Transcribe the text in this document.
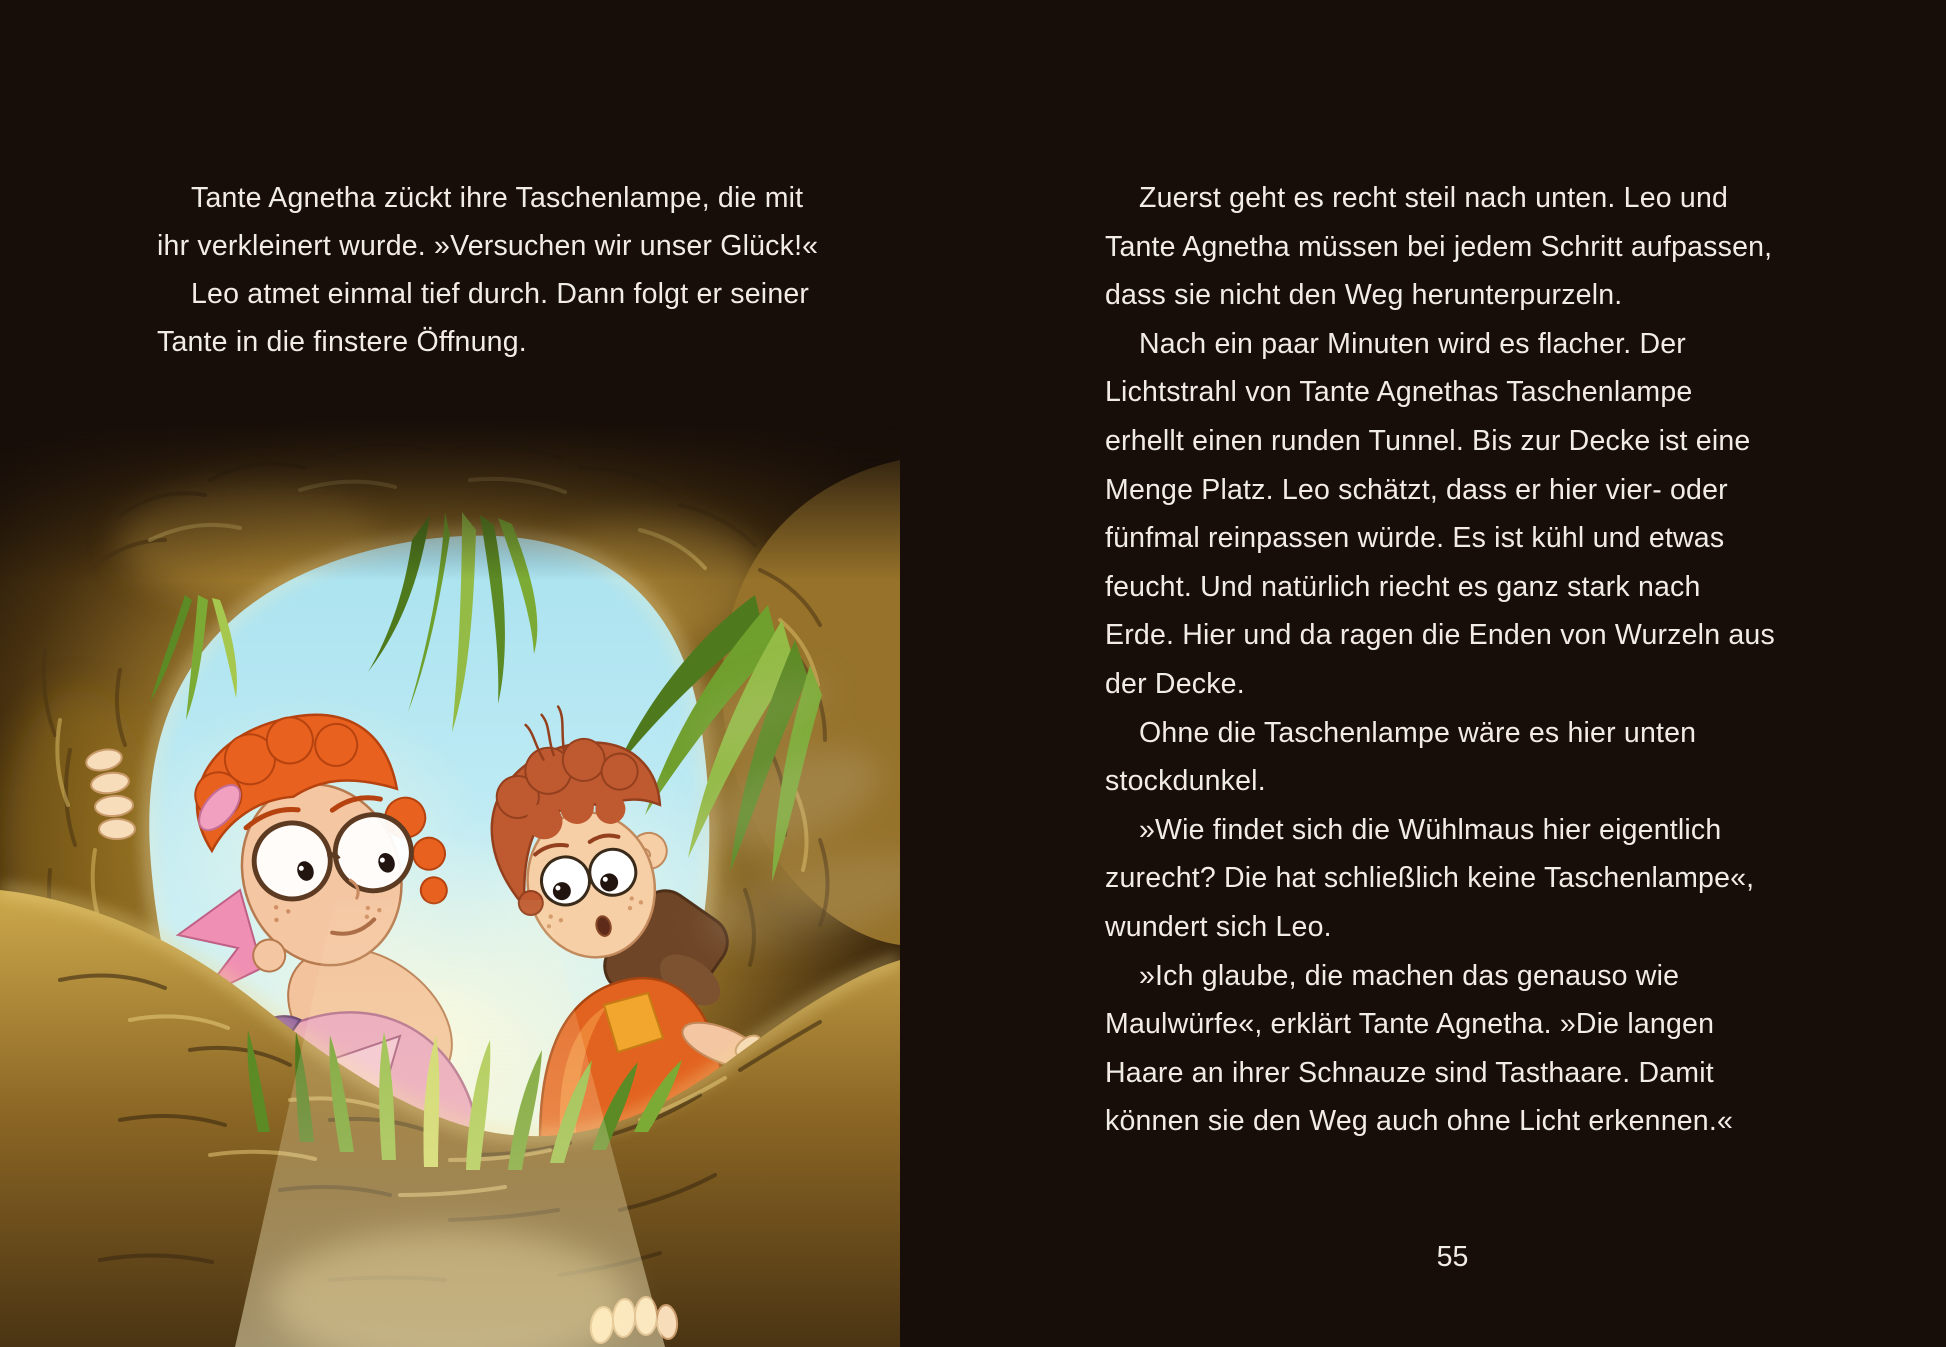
Tante Agnetha zückt ihre Taschenlampe, die mit
ihr verkleinert wurde. »Versuchen wir unser Glück!«
Leo atmet einmal tief durch. Dann folgt er seiner
Tante in die finstere Öffnung.
Zuerst geht es recht steil nach unten. Leo und
Tante Agnetha müssen bei jedem Schritt aufpassen,
dass sie nicht den Weg herunterpurzeln.
Nach ein paar Minuten wird es flacher. Der
Lichtstrahl von Tante Agnethas Taschenlampe
erhellt einen runden Tunnel. Bis zur Decke ist eine
Menge Platz. Leo schätzt, dass er hier vier- oder
fünfmal reinpassen würde. Es ist kühl und etwas
feucht. Und natürlich riecht es ganz stark nach
Erde. Hier und da ragen die Enden von Wurzeln aus
der Decke.
Ohne die Taschenlampe wäre es hier unten
stockdunkel.
»Wie findet sich die Wühlmaus hier eigentlich
zurecht? Die hat schließlich keine Taschenlampe«,
wundert sich Leo.
»Ich glaube, die machen das genauso wie
Maulwürfe«, erklärt Tante Agnetha. »Die langen
Haare an ihrer Schnauze sind Tasthaare. Damit
können sie den Weg auch ohne Licht erkennen.«
55
